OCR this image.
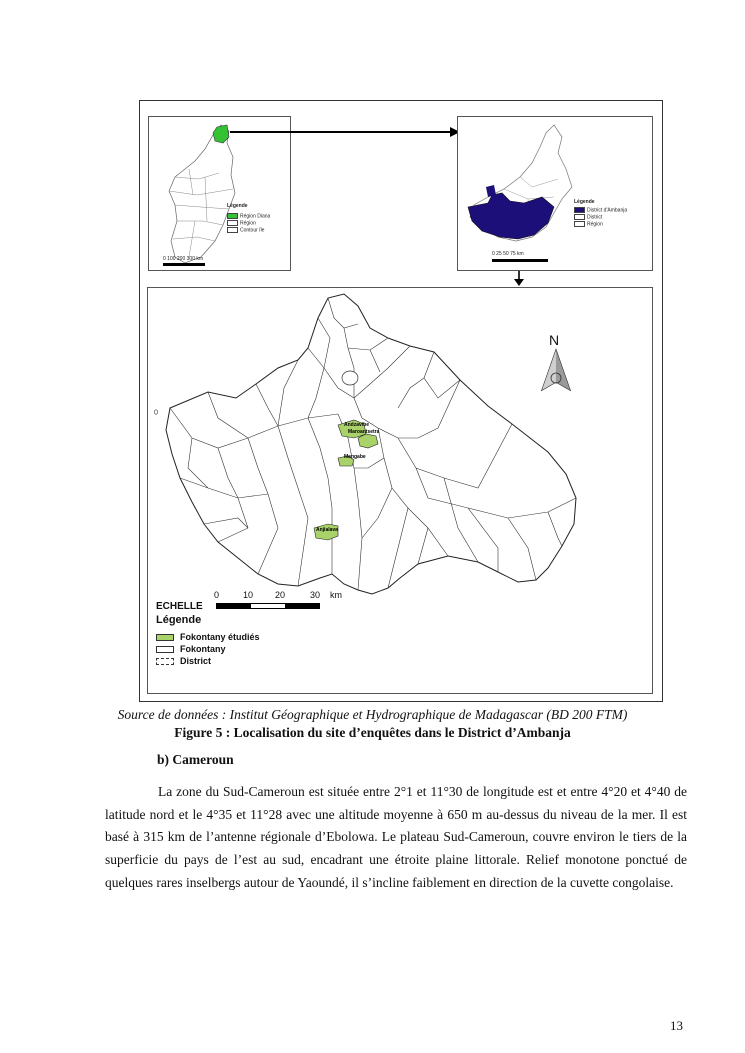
Légende
Région Diana
Région
Contour île
0 100 200 300 km
Légende
District d'Ambanja
District
Région
0 25 50 75 km
N
Andzavibe
Maroantsetra
Mangabe
Anjialava
0	10 20	30 km
ECHELLE
Légende
Fokontany étudiés
Fokontany
District
Source de données : Institut Géographique et Hydrographique de Madagascar (BD 200 FTM)
Figure 5 : Localisation du site d’enquêtes dans le District d’Ambanja
b) Cameroun
La zone du Sud-Cameroun est située entre 2°1 et 11°30 de longitude est et entre 4°20 et 4°40 de latitude nord et le 4°35 et 11°28 avec une altitude moyenne à 650 m au-dessus du niveau de la mer. Il est basé à 315 km de l’antenne régionale d’Ebolowa. Le plateau Sud-Cameroun, couvre environ le tiers de la superficie du pays de l’est au sud, encadrant une étroite plaine littorale. Relief monotone ponctué de quelques rares inselbergs autour de Yaoundé, il s’incline faiblement en direction de la cuvette congolaise.
13
